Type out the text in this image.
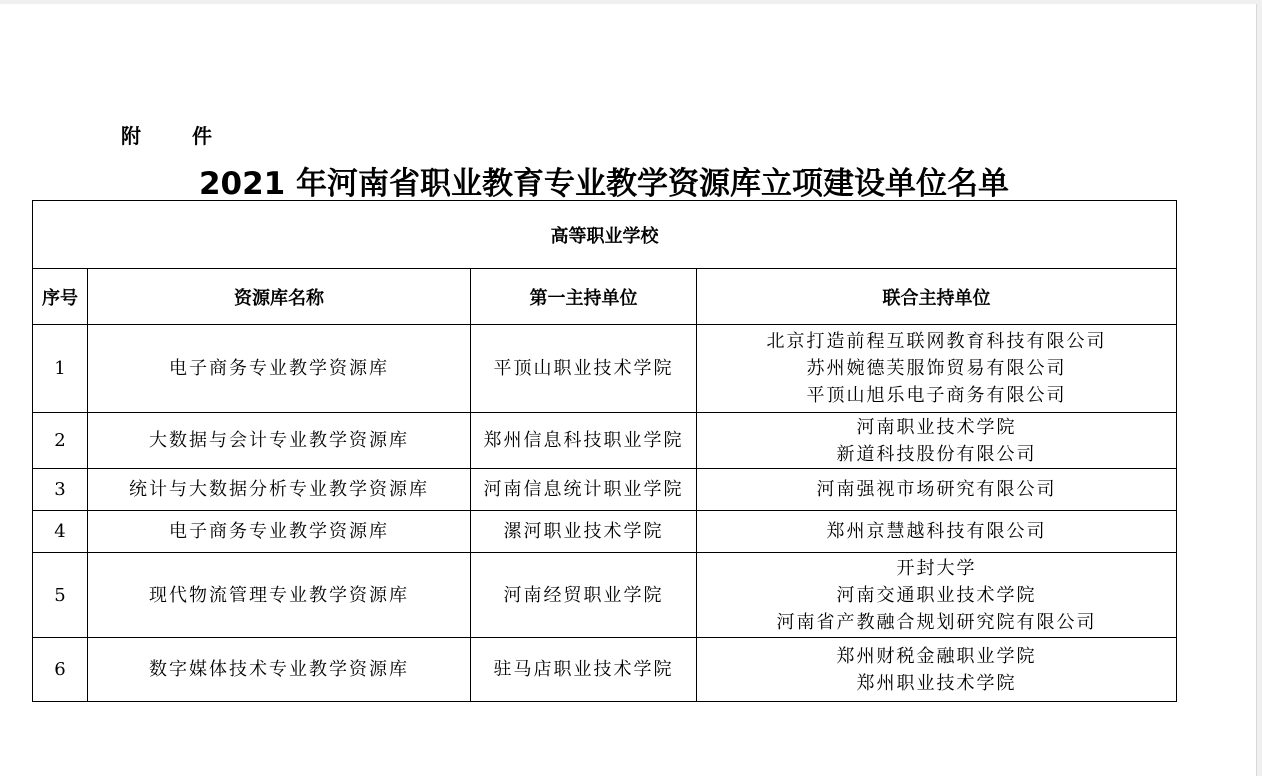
附 件
2021 年河南省职业教育专业教学资源库立项建设单位名单
高等职业学校			
序号	资源库名称	第一主持单位	联合主持单位
1	电子商务专业教学资源库	平顶山职业技术学院	北京打造前程互联网教育科技有限公司
苏州婉德芙服饰贸易有限公司
平顶山旭乐电子商务有限公司

2	大数据与会计专业教学资源库	郑州信息科技职业学院	河南职业技术学院
新道科技股份有限公司

3	统计与大数据分析专业教学资源库	河南信息统计职业学院	河南强视市场研究有限公司

4	电子商务专业教学资源库	漯河职业技术学院	郑州京慧越科技有限公司

5	现代物流管理专业教学资源库	河南经贸职业学院	开封大学
河南交通职业技术学院
河南省产教融合规划研究院有限公司

6	数字媒体技术专业教学资源库	驻马店职业技术学院	郑州财税金融职业学院
郑州职业技术学院
